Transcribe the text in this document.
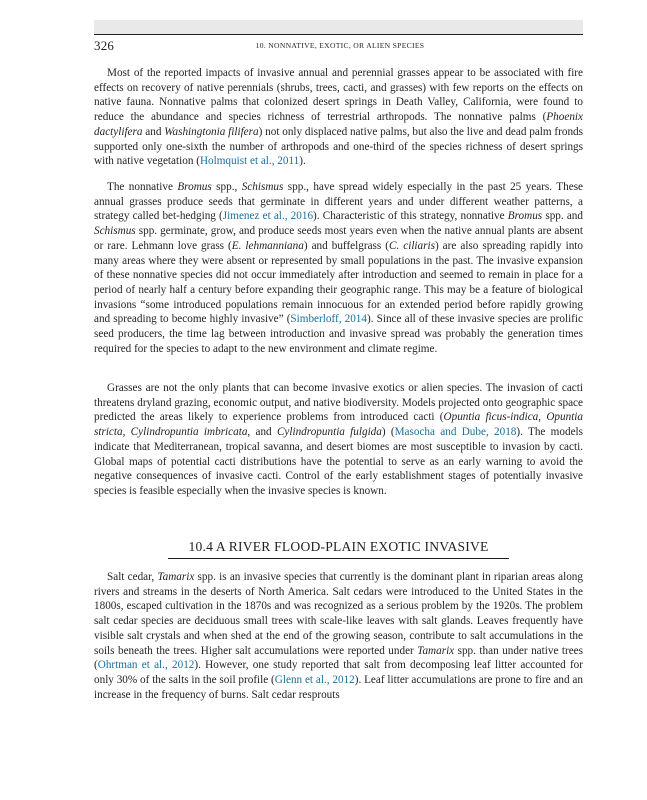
326	10. NONNATIVE, EXOTIC, OR ALIEN SPECIES

Most of the reported impacts of invasive annual and perennial grasses appear to be associated with fire effects on recovery of native perennials (shrubs, trees, cacti, and grasses) with few reports on the effects on native fauna. Nonnative palms that colonized desert springs in Death Valley, California, were found to reduce the abundance and species richness of terrestrial arthropods. The nonnative palms (Phoenix dactylifera and Washingtonia filifera) not only displaced native palms, but also the live and dead palm fronds supported only one-sixth the number of arthropods and one-third of the species richness of desert springs with native vegetation (Holmquist et al., 2011).

The nonnative Bromus spp., Schismus spp., have spread widely especially in the past 25 years. These annual grasses produce seeds that germinate in different years and under different weather patterns, a strategy called bet-hedging (Jimenez et al., 2016). Characteristic of this strategy, nonnative Bromus spp. and Schismus spp. germinate, grow, and produce seeds most years even when the native annual plants are absent or rare. Lehmann love grass (E. lehmanniana) and buffelgrass (C. ciliaris) are also spreading rapidly into many areas where they were absent or represented by small populations in the past. The invasive expansion of these nonnative species did not occur immediately after introduction and seemed to remain in place for a period of nearly half a century before expanding their geographic range. This may be a feature of biological invasions “some introduced populations remain innocuous for an extended period before rapidly growing and spreading to become highly invasive” (Simberloff, 2014). Since all of these invasive species are prolific seed producers, the time lag between introduction and invasive spread was probably the generation times required for the species to adapt to the new environment and climate regime.

Grasses are not the only plants that can become invasive exotics or alien species. The invasion of cacti threatens dryland grazing, economic output, and native biodiversity. Models projected onto geographic space predicted the areas likely to experience problems from introduced cacti (Opuntia ficus-indica, Opuntia stricta, Cylindropuntia imbricata, and Cylindropuntia fulgida) (Masocha and Dube, 2018). The models indicate that Mediterranean, tropical savanna, and desert biomes are most susceptible to invasion by cacti. Global maps of potential cacti distributions have the potential to serve as an early warning to avoid the negative consequences of invasive cacti. Control of the early establishment stages of potentially invasive species is feasible especially when the invasive species is known.

10.4 A RIVER FLOOD-PLAIN EXOTIC INVASIVE

Salt cedar, Tamarix spp. is an invasive species that currently is the dominant plant in riparian areas along rivers and streams in the deserts of North America. Salt cedars were introduced to the United States in the 1800s, escaped cultivation in the 1870s and was recognized as a serious problem by the 1920s. The problem salt cedar species are deciduous small trees with scale-like leaves with salt glands. Leaves frequently have visible salt crystals and when shed at the end of the growing season, contribute to salt accumulations in the soils beneath the trees. Higher salt accumulations were reported under Tamarix spp. than under native trees (Ohrtman et al., 2012). However, one study reported that salt from decomposing leaf litter accounted for only 30% of the salts in the soil profile (Glenn et al., 2012). Leaf litter accumulations are prone to fire and an increase in the frequency of burns. Salt cedar resprouts
